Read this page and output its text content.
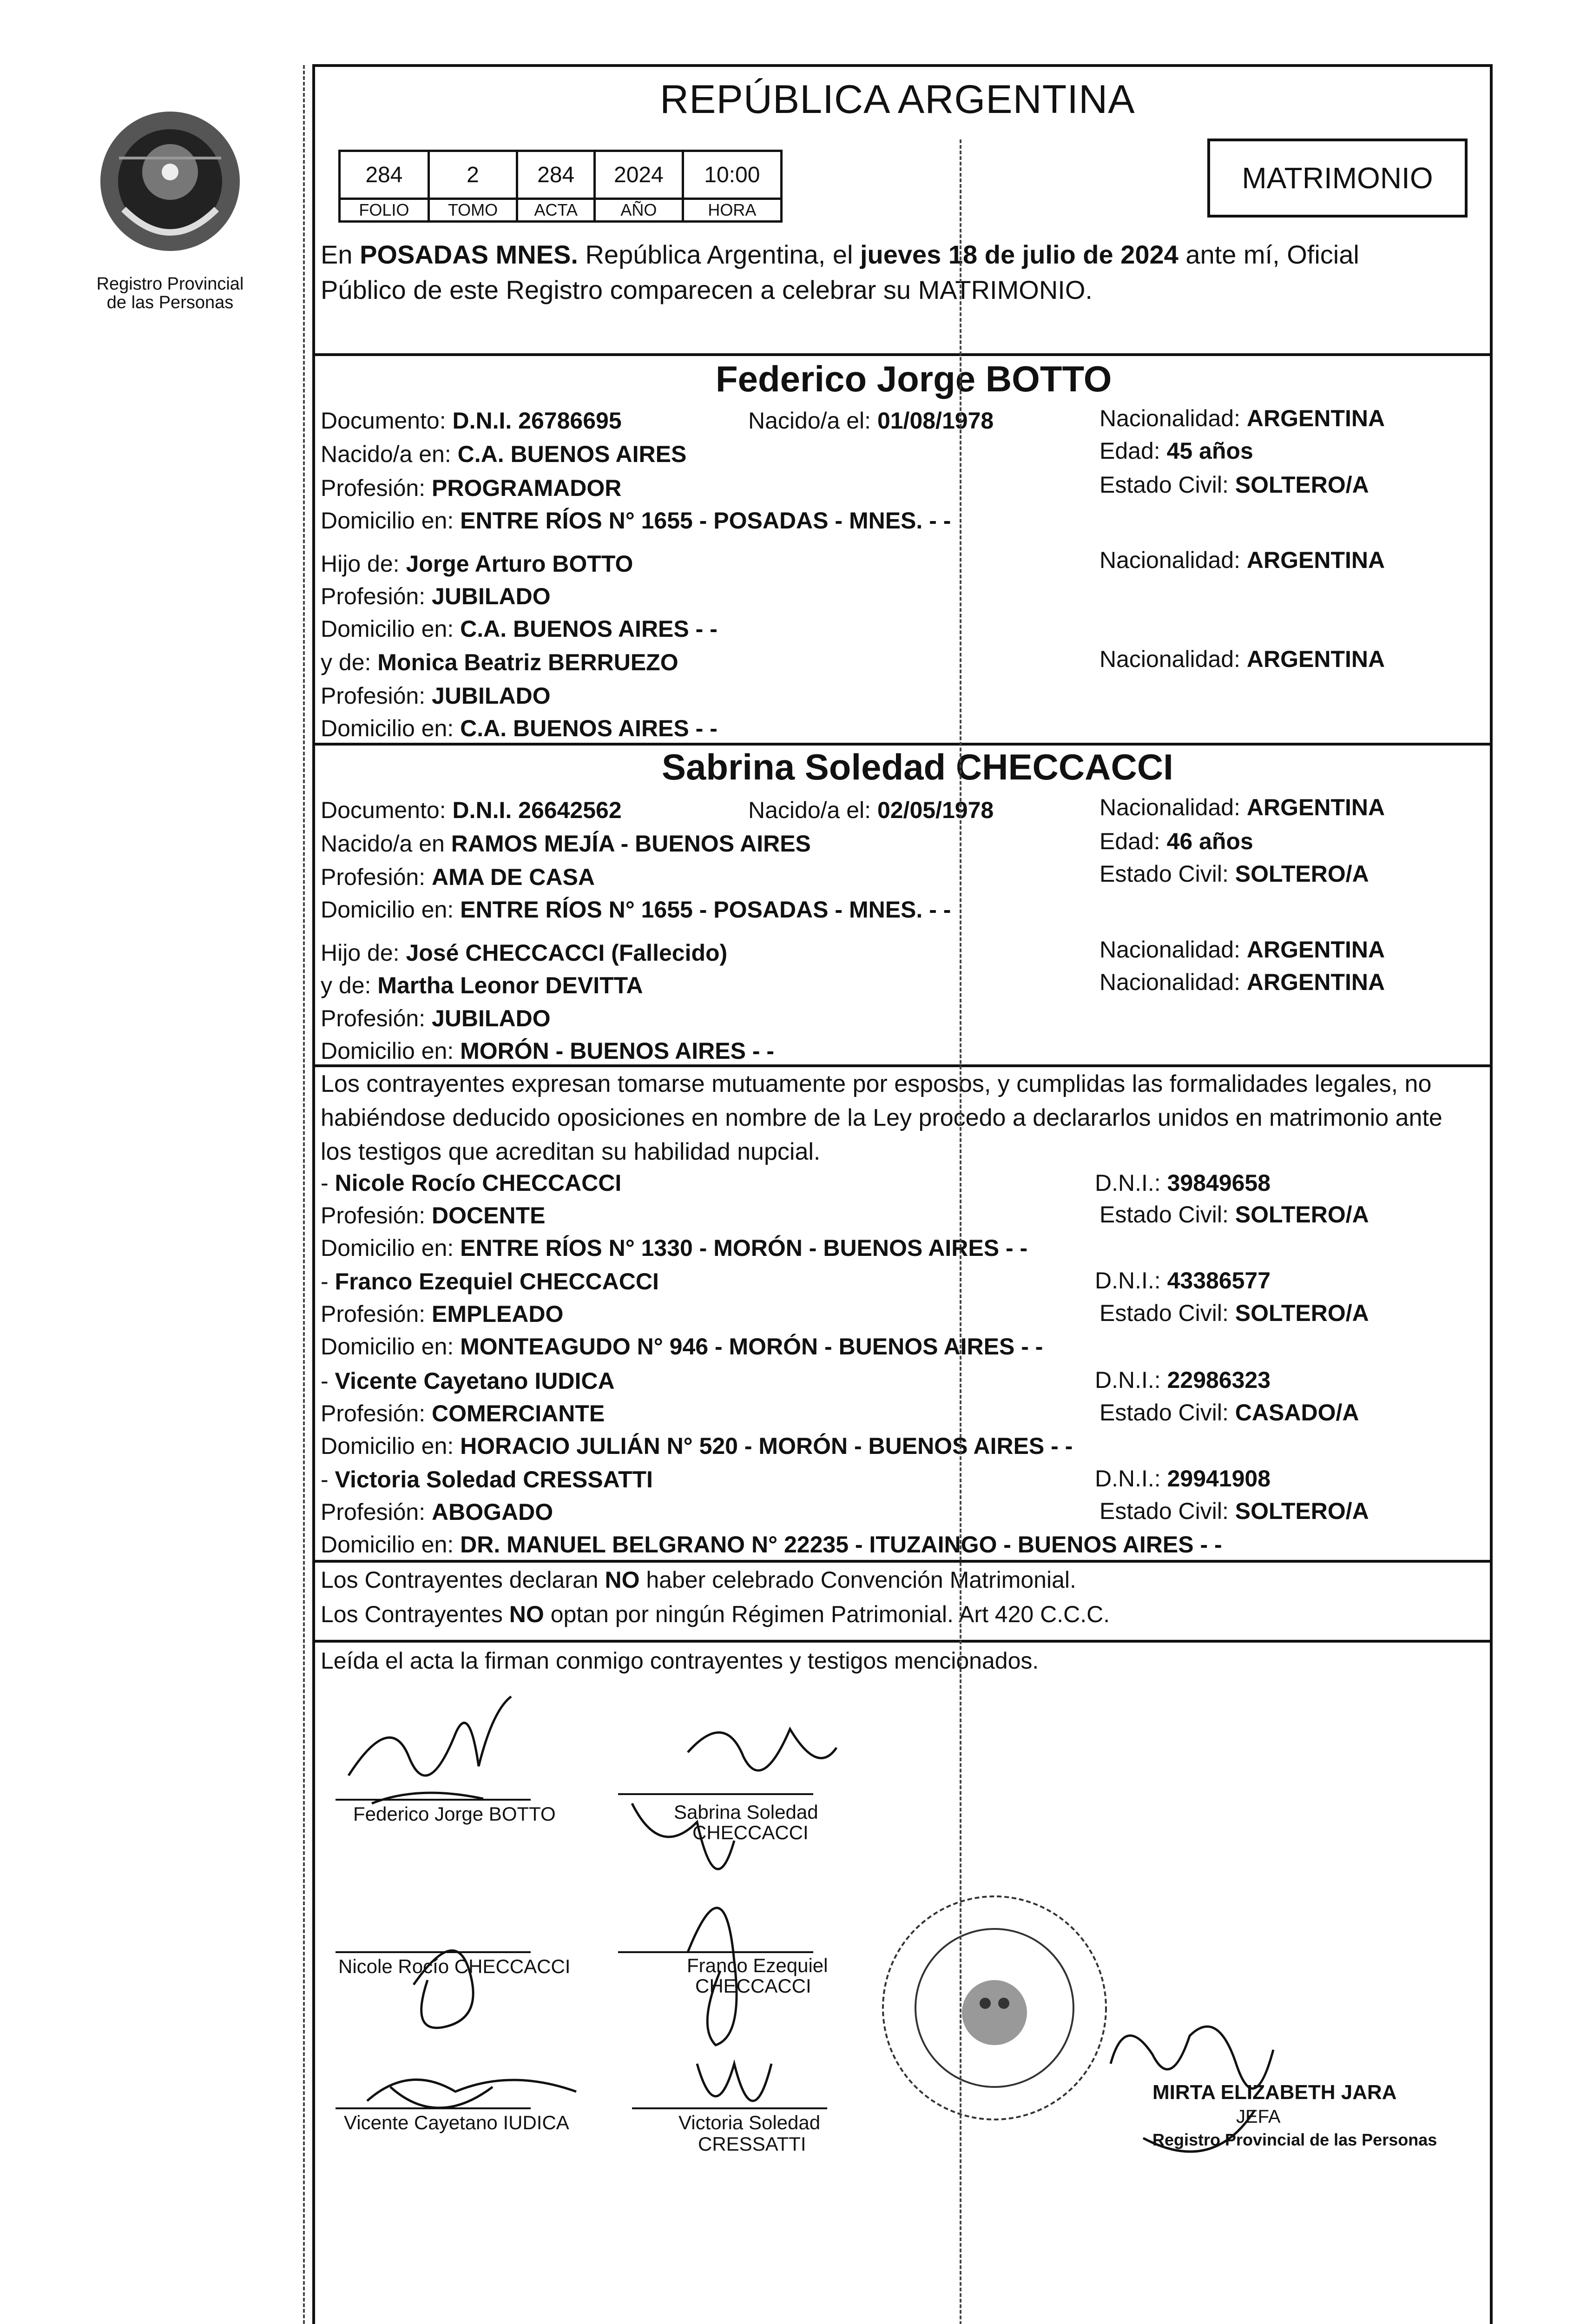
Registro Provincial
de las Personas
REPÚBLICA ARGENTINA
284	2	284	2024	10:00
FOLIO	TOMO	ACTA	AÑO	HORA
MATRIMONIO
En POSADAS MNES. República Argentina, el jueves 18 de julio de 2024 ante mí, Oficial
Público de este Registro comparecen a celebrar su MATRIMONIO.
Federico Jorge BOTTO
Documento: D.N.I. 26786695	Nacido/a el: 01/08/1978	Nacionalidad: ARGENTINA
Nacido/a en: C.A. BUENOS AIRES	Edad: 45 años
Profesión: PROGRAMADOR	Estado Civil: SOLTERO/A
Domicilio en: ENTRE RÍOS N° 1655 - POSADAS - MNES. - -
Hijo de: Jorge Arturo BOTTO	Nacionalidad: ARGENTINA
Profesión: JUBILADO
Domicilio en: C.A. BUENOS AIRES - -
y de: Monica Beatriz BERRUEZO	Nacionalidad: ARGENTINA
Profesión: JUBILADO
Domicilio en: C.A. BUENOS AIRES - -
Sabrina Soledad CHECCACCI
Documento: D.N.I. 26642562	Nacido/a el: 02/05/1978	Nacionalidad: ARGENTINA
Nacido/a en RAMOS MEJÍA - BUENOS AIRES	Edad: 46 años
Profesión: AMA DE CASA	Estado Civil: SOLTERO/A
Domicilio en: ENTRE RÍOS N° 1655 - POSADAS - MNES. - -
Hijo de: José CHECCACCI (Fallecido)	Nacionalidad: ARGENTINA
y de: Martha Leonor DEVITTA	Nacionalidad: ARGENTINA
Profesión: JUBILADO
Domicilio en: MORÓN - BUENOS AIRES - -
Los contrayentes expresan tomarse mutuamente por esposos, y cumplidas las formalidades legales, no
habiéndose deducido oposiciones en nombre de la Ley procedo a declararlos unidos en matrimonio ante
los testigos que acreditan su habilidad nupcial.
- Nicole Rocío CHECCACCI	D.N.I.: 39849658
Profesión: DOCENTE	Estado Civil: SOLTERO/A
Domicilio en: ENTRE RÍOS N° 1330 - MORÓN - BUENOS AIRES - -
- Franco Ezequiel CHECCACCI	D.N.I.: 43386577
Profesión: EMPLEADO	Estado Civil: SOLTERO/A
Domicilio en: MONTEAGUDO N° 946 - MORÓN - BUENOS AIRES - -
- Vicente Cayetano IUDICA	D.N.I.: 22986323
Profesión: COMERCIANTE	Estado Civil: CASADO/A
Domicilio en: HORACIO JULIÁN N° 520 - MORÓN - BUENOS AIRES - -
- Victoria Soledad CRESSATTI	D.N.I.: 29941908
Profesión: ABOGADO	Estado Civil: SOLTERO/A
Domicilio en: DR. MANUEL BELGRANO N° 22235 - ITUZAINGO - BUENOS AIRES - -
Los Contrayentes declaran NO haber celebrado Convención Matrimonial.
Los Contrayentes NO optan por ningún Régimen Patrimonial. Art 420 C.C.C.
Leída el acta la firman conmigo contrayentes y testigos mencionados.
Federico Jorge BOTTO	Sabrina Soledad
CHECCACCI
Nicole Rocío CHECCACCI	Franco Ezequiel
CHECCACCI
Vicente Cayetano IUDICA	Victoria Soledad
CRESSATTI
MIRTA ELIZABETH JARA
JEFA
Registro Provincial de las Personas
